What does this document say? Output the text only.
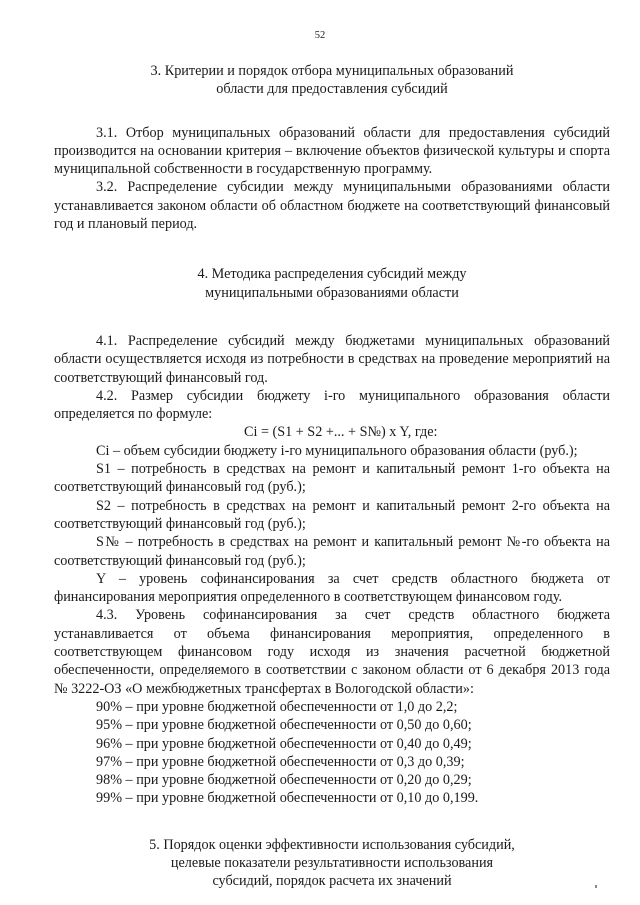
52

3. Критерии и порядок отбора муниципальных образований

области для предоставления субсидий

3.1. Отбор муниципальных образований области для предоставления субсидий производится на основании критерия – включение объектов физической культуры и спорта муниципальной собственности в государственную программу.

3.2. Распределение субсидии между муниципальными образованиями области устанавливается законом области об областном бюджете на соответствующий финансовый год и плановый период.

4. Методика распределения субсидий между

муниципальными образованиями области

4.1. Распределение субсидий между бюджетами муниципальных образований области осуществляется исходя из потребности в средствах на проведение мероприятий на соответствующий финансовый год.

4.2. Размер субсидии бюджету i-го муниципального образования области определяется по формуле:

Ci = (S1 + S2 +... + S№) x Y, где:

Ci – объем субсидии бюджету i-го муниципального образования области (руб.);

S1 – потребность в средствах на ремонт и капитальный ремонт 1-го объекта на соответствующий финансовый год (руб.);

S2 – потребность в средствах на ремонт и капитальный ремонт 2-го объекта на соответствующий финансовый год (руб.);

S№ – потребность в средствах на ремонт и капитальный ремонт №-го объекта на соответствующий финансовый год (руб.);

Y – уровень софинансирования за счет средств областного бюджета от финансирования мероприятия определенного в соответствующем финансовом году.

4.3. Уровень софинансирования за счет средств областного бюджета устанавливается от объема финансирования мероприятия, определенного в соответствующем финансовом году исходя из значения расчетной бюджетной обеспеченности, определяемого в соответствии с законом области от 6 декабря 2013 года № 3222-ОЗ «О межбюджетных трансфертах в Вологодской области»:

90% – при уровне бюджетной обеспеченности от 1,0 до 2,2;

95% – при уровне бюджетной обеспеченности от 0,50 до 0,60;

96% – при уровне бюджетной обеспеченности от 0,40 до 0,49;

97% – при уровне бюджетной обеспеченности от 0,3 до 0,39;

98% – при уровне бюджетной обеспеченности от 0,20 до 0,29;

99% – при уровне бюджетной обеспеченности от 0,10 до 0,199.

5. Порядок оценки эффективности использования субсидий,

целевые показатели результативности использования

субсидий, порядок расчета их значений
